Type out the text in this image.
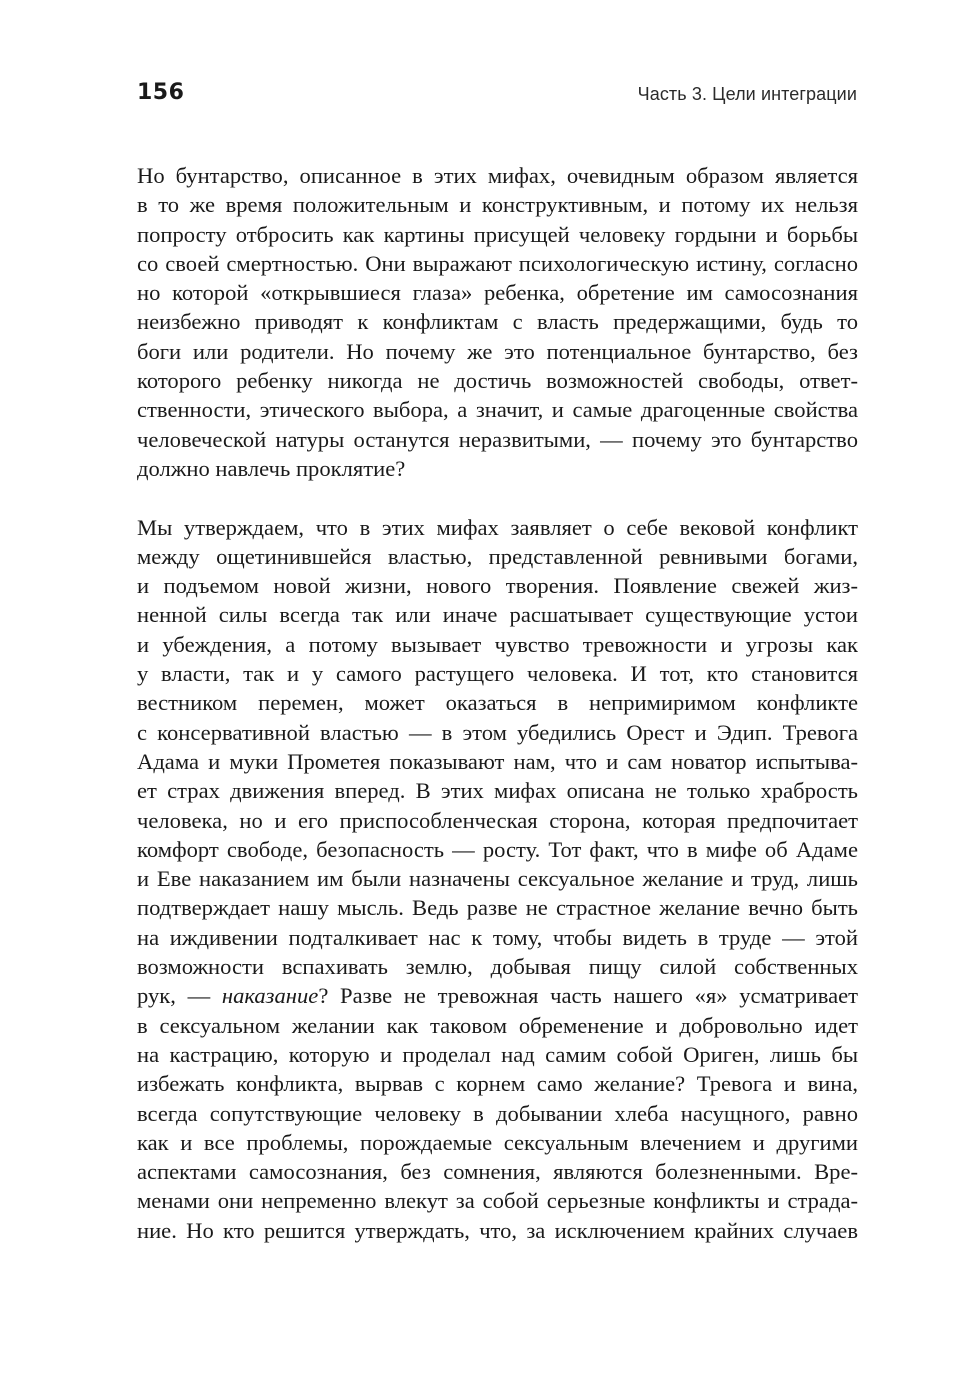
156	Часть 3. Цели интеграции
Но бунтарство, описанное в этих мифах, очевидным образом является
в то же время положительным и конструктивным, и потому их нельзя
попросту отбросить как картины присущей человеку гордыни и борьбы
со своей смертностью. Они выражают психологическую истину, согласно
но которой «открывшиеся глаза» ребенка, обретение им самосознания
неизбежно приводят к конфликтам с власть предержащими, будь то
боги или родители. Но почему же это потенциальное бунтарство, без
которого ребенку никогда не достичь возможностей свободы, ответ-
ственности, этического выбора, а значит, и самые драгоценные свойства
человеческой натуры останутся неразвитыми, — почему это бунтарство
должно навлечь проклятие?
Мы утверждаем, что в этих мифах заявляет о себе вековой конфликт
между ощетинившейся властью, представленной ревнивыми богами,
и подъемом новой жизни, нового творения. Появление свежей жиз-
ненной силы всегда так или иначе расшатывает существующие устои
и убеждения, а потому вызывает чувство тревожности и угрозы как
у власти, так и у самого растущего человека. И тот, кто становится
вестником перемен, может оказаться в непримиримом конфликте
с консервативной властью — в этом убедились Орест и Эдип. Тревога
Адама и муки Прометея показывают нам, что и сам новатор испытыва-
ет страх движения вперед. В этих мифах описана не только храбрость
человека, но и его приспособленческая сторона, которая предпочитает
комфорт свободе, безопасность — росту. Тот факт, что в мифе об Адаме
и Еве наказанием им были назначены сексуальное желание и труд, лишь
подтверждает нашу мысль. Ведь разве не страстное желание вечно быть
на иждивении подталкивает нас к тому, чтобы видеть в труде — этой
возможности вспахивать землю, добывая пищу силой собственных
рук, — наказание? Разве не тревожная часть нашего «я» усматривает
в сексуальном желании как таковом обременение и добровольно идет
на кастрацию, которую и проделал над самим собой Ориген, лишь бы
избежать конфликта, вырвав с корнем само желание? Тревога и вина,
всегда сопутствующие человеку в добывании хлеба насущного, равно
как и все проблемы, порождаемые сексуальным влечением и другими
аспектами самосознания, без сомнения, являются болезненными. Вре-
менами они непременно влекут за собой серьезные конфликты и страда-
ние. Но кто решится утверждать, что, за исключением крайних случаев
